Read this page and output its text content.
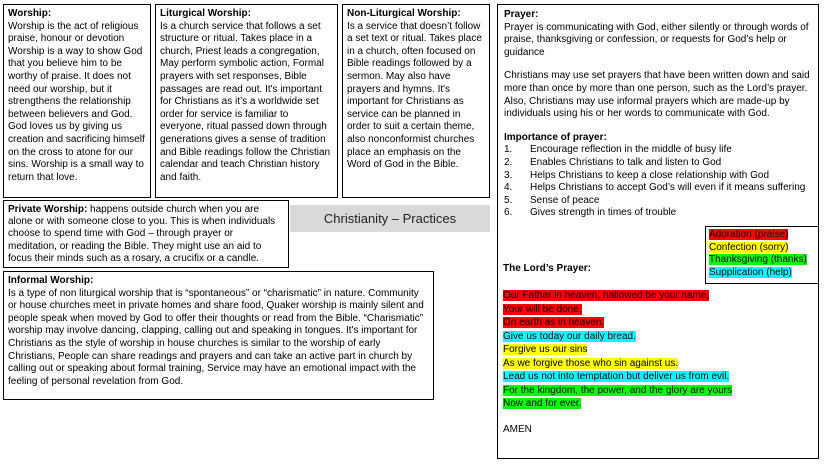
Worship:
Worship is the act of religious praise, honour or devotion Worship is a way to show God that you believe him to be worthy of praise. It does not need our worship, but it strengthens the relationship between believers and God. God loves us by giving us creation and sacrificing himself on the cross to atone for our sins. Worship is a small way to return that love.
Liturgical Worship:
Is a church service that follows a set structure or ritual. Takes place in a church, Priest leads a congregation, May perform symbolic action, Formal prayers with set responses, Bible passages are read out. It's important for Christians as it’s a worldwide set order for service is familiar to everyone, ritual passed down through generations gives a sense of tradition and Bible readings follow the Christian calendar and teach Christian history and faith.
Non-Liturgical Worship:
Is a service that doesn’t follow a set text or ritual. Takes place in a church, often focused on Bible readings followed by a sermon. May also have prayers and hymns. It's important for Christians as service can be planned in order to suit a certain theme, also nonconformist churches place an emphasis on the Word of God in the Bible.
Private Worship: happens outside church when you are alone or with someone close to you. This is when individuals choose to spend time with God – through prayer or meditation, or reading the Bible. They might use an aid to focus their minds such as a rosary, a crucifix or a candle.
Christianity – Practices
Informal Worship:
Is a type of non liturgical worship that is “spontaneous” or “charismatic” in nature. Community or house churches meet in private homes and share food, Quaker worship is mainly silent and people speak when moved by God to offer their thoughts or read from the Bible. “Charismatic” worship may involve dancing, clapping, calling out and speaking in tongues. It's important for Christians as the style of worship in house churches is similar to the worship of early Christians, People can share readings and prayers and can take an active part in church by calling out or speaking about formal training, Service may have an emotional impact with the feeling of personal revelation from God.
Prayer:

Prayer is communicating with God, either silently or through words of praise, thanksgiving or confession, or requests for God’s help or guidance
Christians may use set prayers that have been written down and said more than once by more than one person, such as the Lord’s prayer.
Also, Christians may use informal prayers which are made-up by individuals using his or her words to communicate with God.
Importance of prayer:
1. Encourage reflection in the middle of busy life
2. Enables Christians to talk and listen to God
3. Helps Christians to keep a close relationship with God
4. Helps Christians to accept God’s will even if it means suffering
5. Sense of peace
6. Gives strength in times of trouble
Adoration (praise)
Confection (sorry)
Thanksgiving (thanks)
Supplication (help)
The Lord’s Prayer:
Our Father in heaven, hallowed be your name,
Your will be done,
On earth as in heaven.
Give us today our daily bread.
Forgive us our sins
As we forgive those who sin against us.
Lead us not into temptation but deliver us from evil.
For the kingdom, the power, and the glory are yours
Now and for ever.
AMEN
